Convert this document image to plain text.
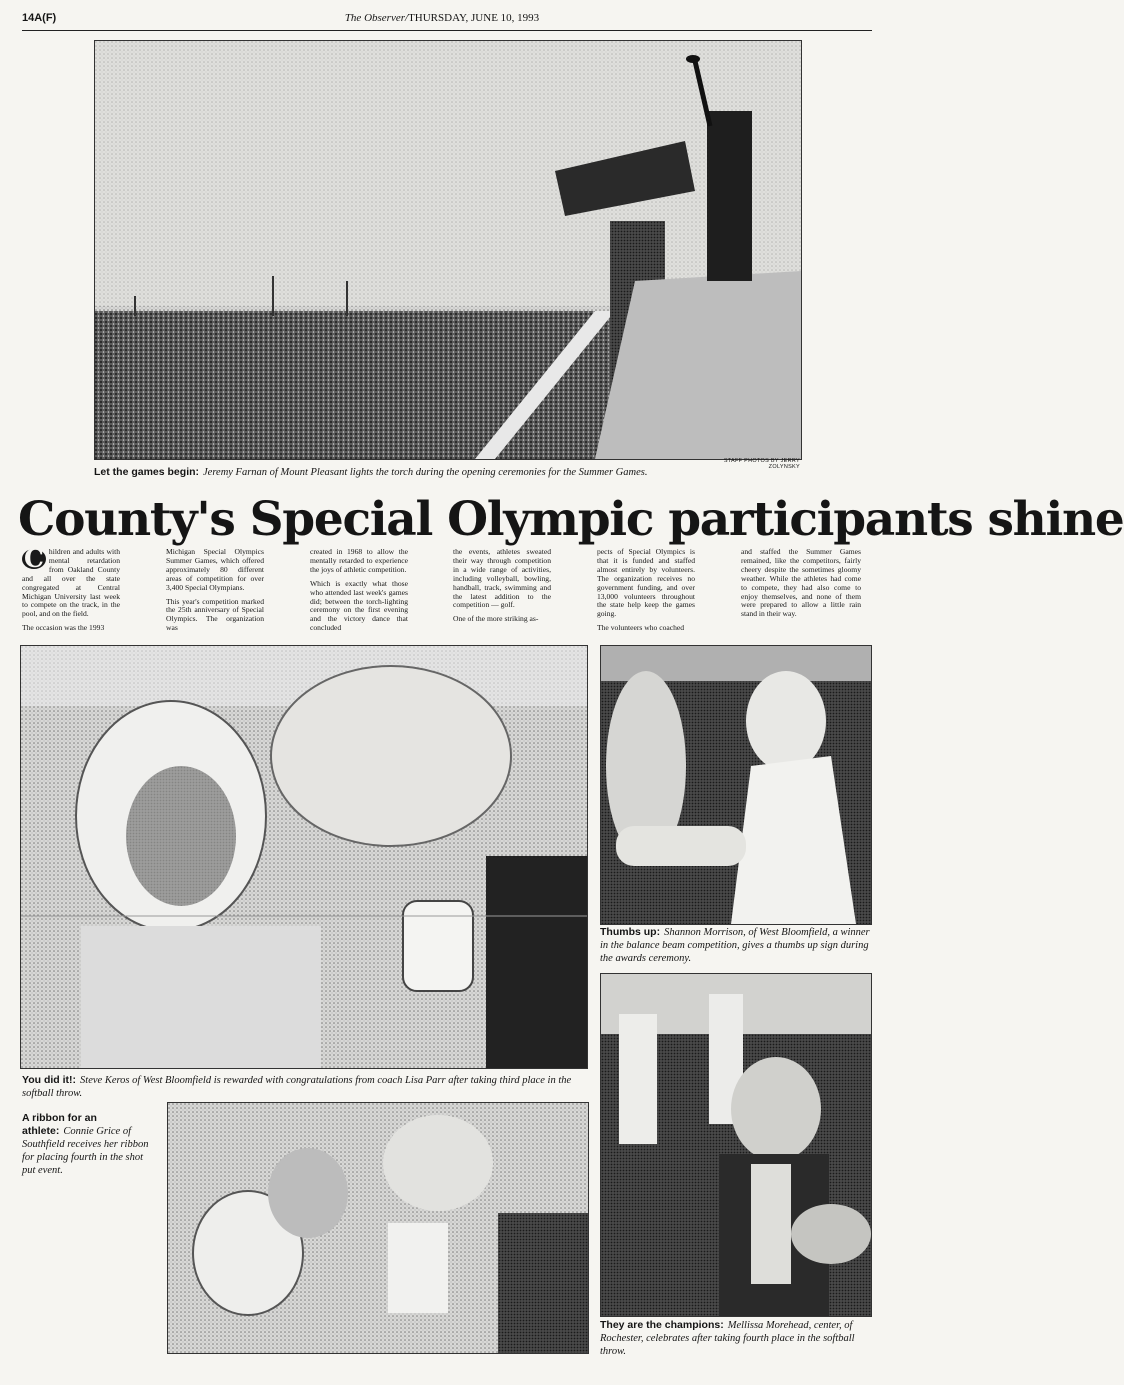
14A(F)	The Observer/THURSDAY, JUNE 10, 1993
STAFF PHOTOS BY JERRY ZOLYNSKY
Let the games begin: Jeremy Farnan of Mount Pleasant lights the torch during the opening ceremonies for the Summer Games.
County's Special Olympic participants shine

C hildren and adults with mental retardation from Oakland County and all over the state congregated at Central Michigan University last week to compete on the track, in the pool, and on the field.

The occasion was the 1993

Michigan Special Olympics Summer Games, which offered approximately 80 different areas of competition for over 3,400 Special Olympians.

This year's competition marked the 25th anniversary of Special Olympics. The organization was

created in 1968 to allow the mentally retarded to experience the joys of athletic competition.

Which is exactly what those who attended last week's games did; between the torch-lighting ceremony on the first evening and the victory dance that concluded

the events, athletes sweated their way through competition in a wide range of activities, including volleyball, bowling, handball, track, swimming and the latest addition to the competition — golf.

One of the more striking as-

pects of Special Olympics is that it is funded and staffed almost entirely by volunteers. The organization receives no government funding, and over 13,000 volunteers throughout the state help keep the games going.

The volunteers who coached

and staffed the Summer Games remained, like the competitors, fairly cheery despite the sometimes gloomy weather. While the athletes had come to compete, they had also come to enjoy themselves, and none of them were prepared to allow a little rain stand in their way.

You did it!: Steve Keros of West Bloomfield is rewarded with congratulations from coach Lisa Parr after taking third place in the softball throw.
A ribbon for an athlete: Connie Grice of Southfield receives her ribbon for placing fourth in the shot put event.
Thumbs up: Shannon Morrison, of West Bloomfield, a winner in the balance beam competition, gives a thumbs up sign during the awards ceremony.
They are the champions: Mellissa Morehead, center, of Rochester, celebrates after taking fourth place in the softball throw.
